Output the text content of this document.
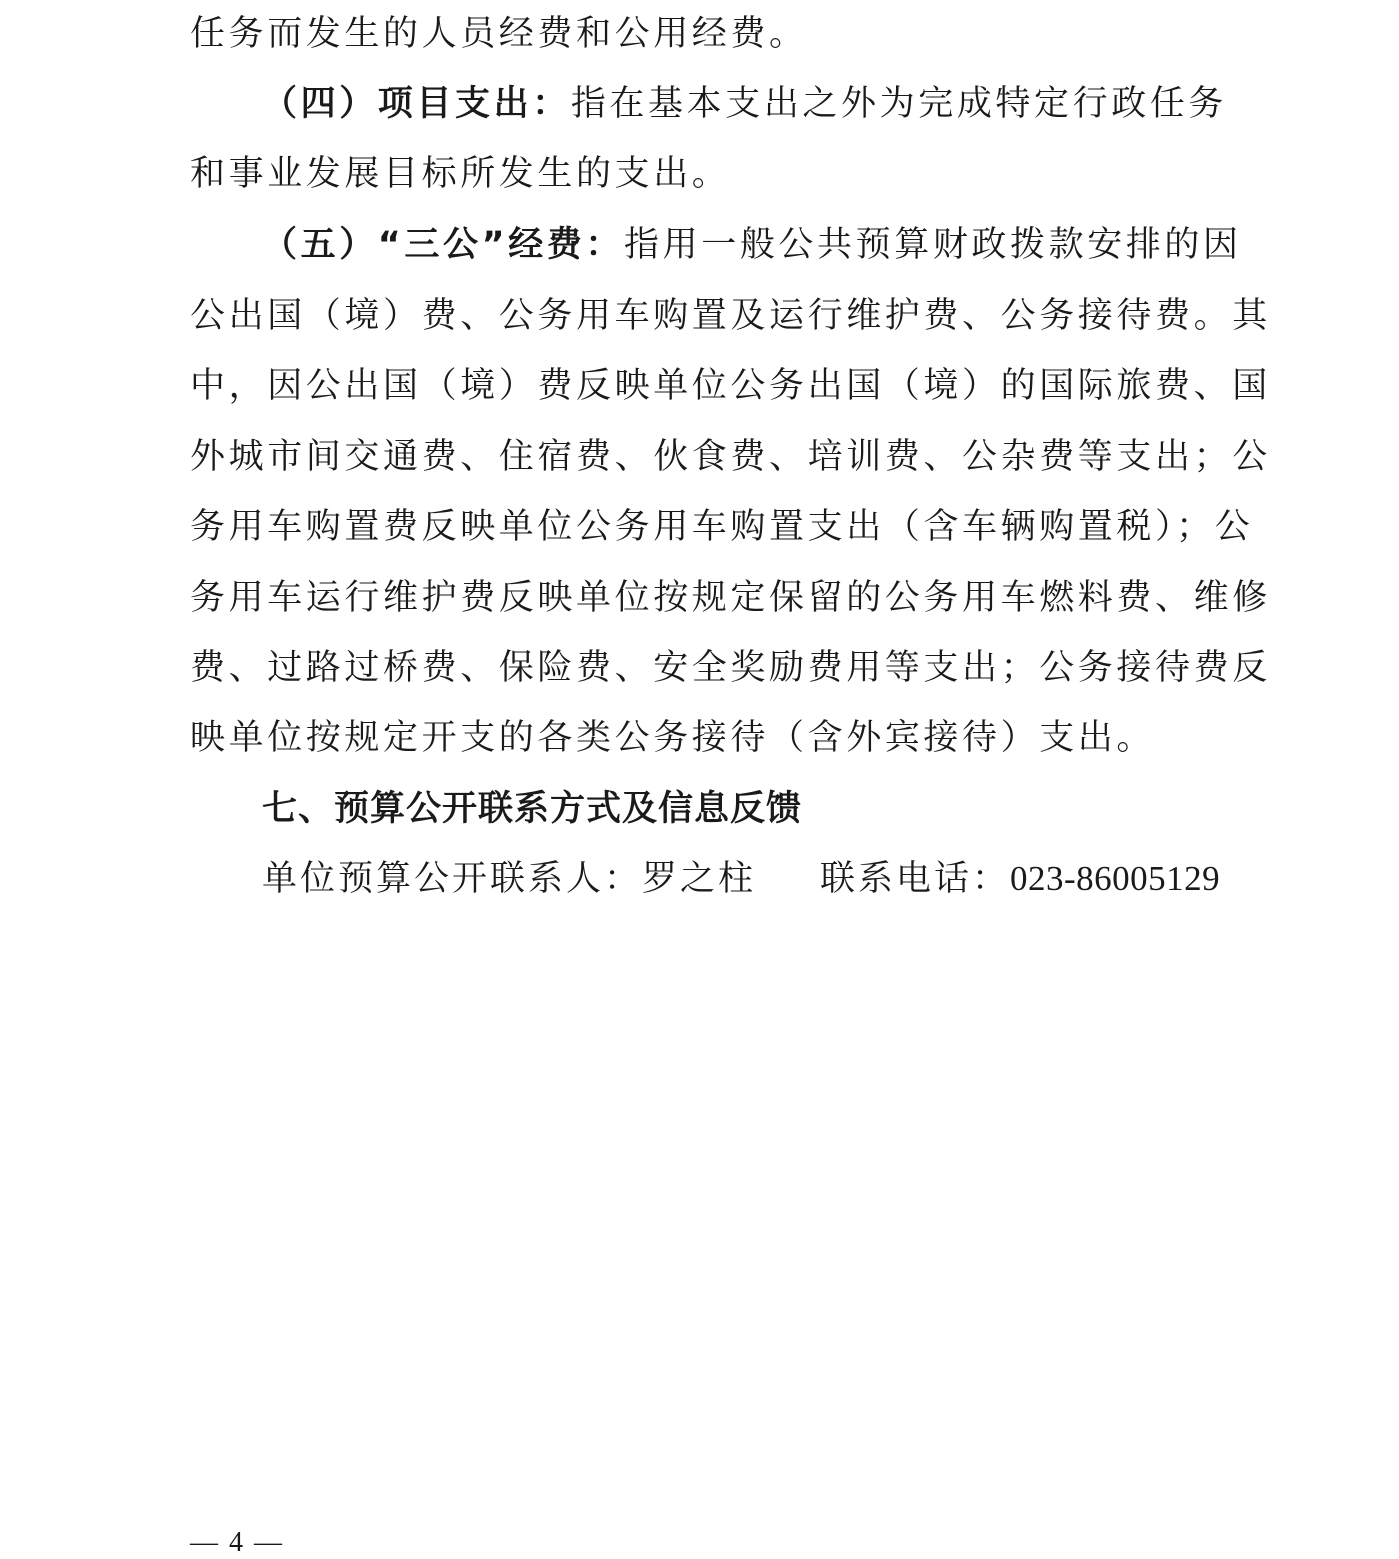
任务而发生的人员经费和公用经费。
（四）项目支出：指在基本支出之外为完成特定行政任务
和事业发展目标所发生的支出。
（五）“三公”经费：指用一般公共预算财政拨款安排的因
公出国（境）费、公务用车购置及运行维护费、公务接待费。其
中，因公出国（境）费反映单位公务出国（境）的国际旅费、国
外城市间交通费、住宿费、伙食费、培训费、公杂费等支出；公
务用车购置费反映单位公务用车购置支出（含车辆购置税）；公
务用车运行维护费反映单位按规定保留的公务用车燃料费、维修
费、过路过桥费、保险费、安全奖励费用等支出；公务接待费反
映单位按规定开支的各类公务接待（含外宾接待）支出。
七、预算公开联系方式及信息反馈
单位预算公开联系人：罗之柱 联系电话：023-86005129
— 4 —
